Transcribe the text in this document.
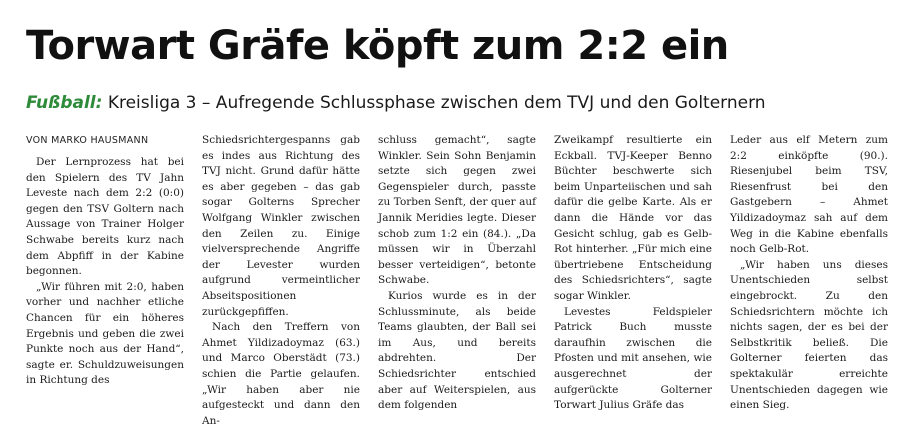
Torwart Gräfe köpft zum 2:2 ein
Fußball: Kreisliga 3 – Aufregende Schlussphase zwischen dem TVJ und den Golternern

VON MARKO HAUSMANN

Der Lernprozess hat bei den Spielern des TV Jahn Leveste nach dem 2:2 (0:0) gegen den TSV Goltern nach Aussage von Trainer Holger Schwabe bereits kurz nach dem Abpfiff in der Kabine begonnen.

„Wir führen mit 2:0, haben vorher und nachher etliche Chancen für ein höheres Ergebnis und geben die zwei Punkte noch aus der Hand“, sagte er. Schuldzuweisungen in Richtung des

Schiedsrichtergespanns gab es indes aus Richtung des TVJ nicht. Grund dafür hätte es aber gegeben – das gab sogar Golterns Sprecher Wolfgang Winkler zwischen den Zeilen zu. Einige vielversprechende Angriffe der Levester wurden aufgrund vermeintlicher Abseitspositionen zurückgepfiffen.

Nach den Treffern von Ahmet Yildizadoymaz (63.) und Marco Oberstädt (73.) schien die Partie gelaufen. „Wir haben aber nie aufgesteckt und dann den An-

schluss gemacht“, sagte Winkler. Sein Sohn Benjamin setzte sich gegen zwei Gegenspieler durch, passte zu Torben Senft, der quer auf Jannik Meridies legte. Dieser schob zum 1:2 ein (84.). „Da müssen wir in Überzahl besser verteidigen“, betonte Schwabe.

Kurios wurde es in der Schlussminute, als beide Teams glaubten, der Ball sei im Aus, und bereits abdrehten. Der Schiedsrichter entschied aber auf Weiterspielen, aus dem folgenden

Zweikampf resultierte ein Eckball. TVJ-Keeper Benno Büchter beschwerte sich beim Unparteiischen und sah dafür die gelbe Karte. Als er dann die Hände vor das Gesicht schlug, gab es Gelb-Rot hinterher. „Für mich eine übertriebene Entscheidung des Schiedsrichters“, sagte sogar Winkler.

Levestes Feldspieler Patrick Buch musste daraufhin zwischen die Pfosten und mit ansehen, wie ausgerechnet der aufgerückte Golterner Torwart Julius Gräfe das

Leder aus elf Metern zum 2:2 einköpfte (90.). Riesenjubel beim TSV, Riesenfrust bei den Gastgebern – Ahmet Yildizadoymaz sah auf dem Weg in die Kabine ebenfalls noch Gelb-Rot.

„Wir haben uns dieses Unentschieden selbst eingebrockt. Zu den Schiedsrichtern möchte ich nichts sagen, der es bei der Selbstkritik beließ. Die Golterner feierten das spektakulär erreichte Unentschieden dagegen wie einen Sieg.
